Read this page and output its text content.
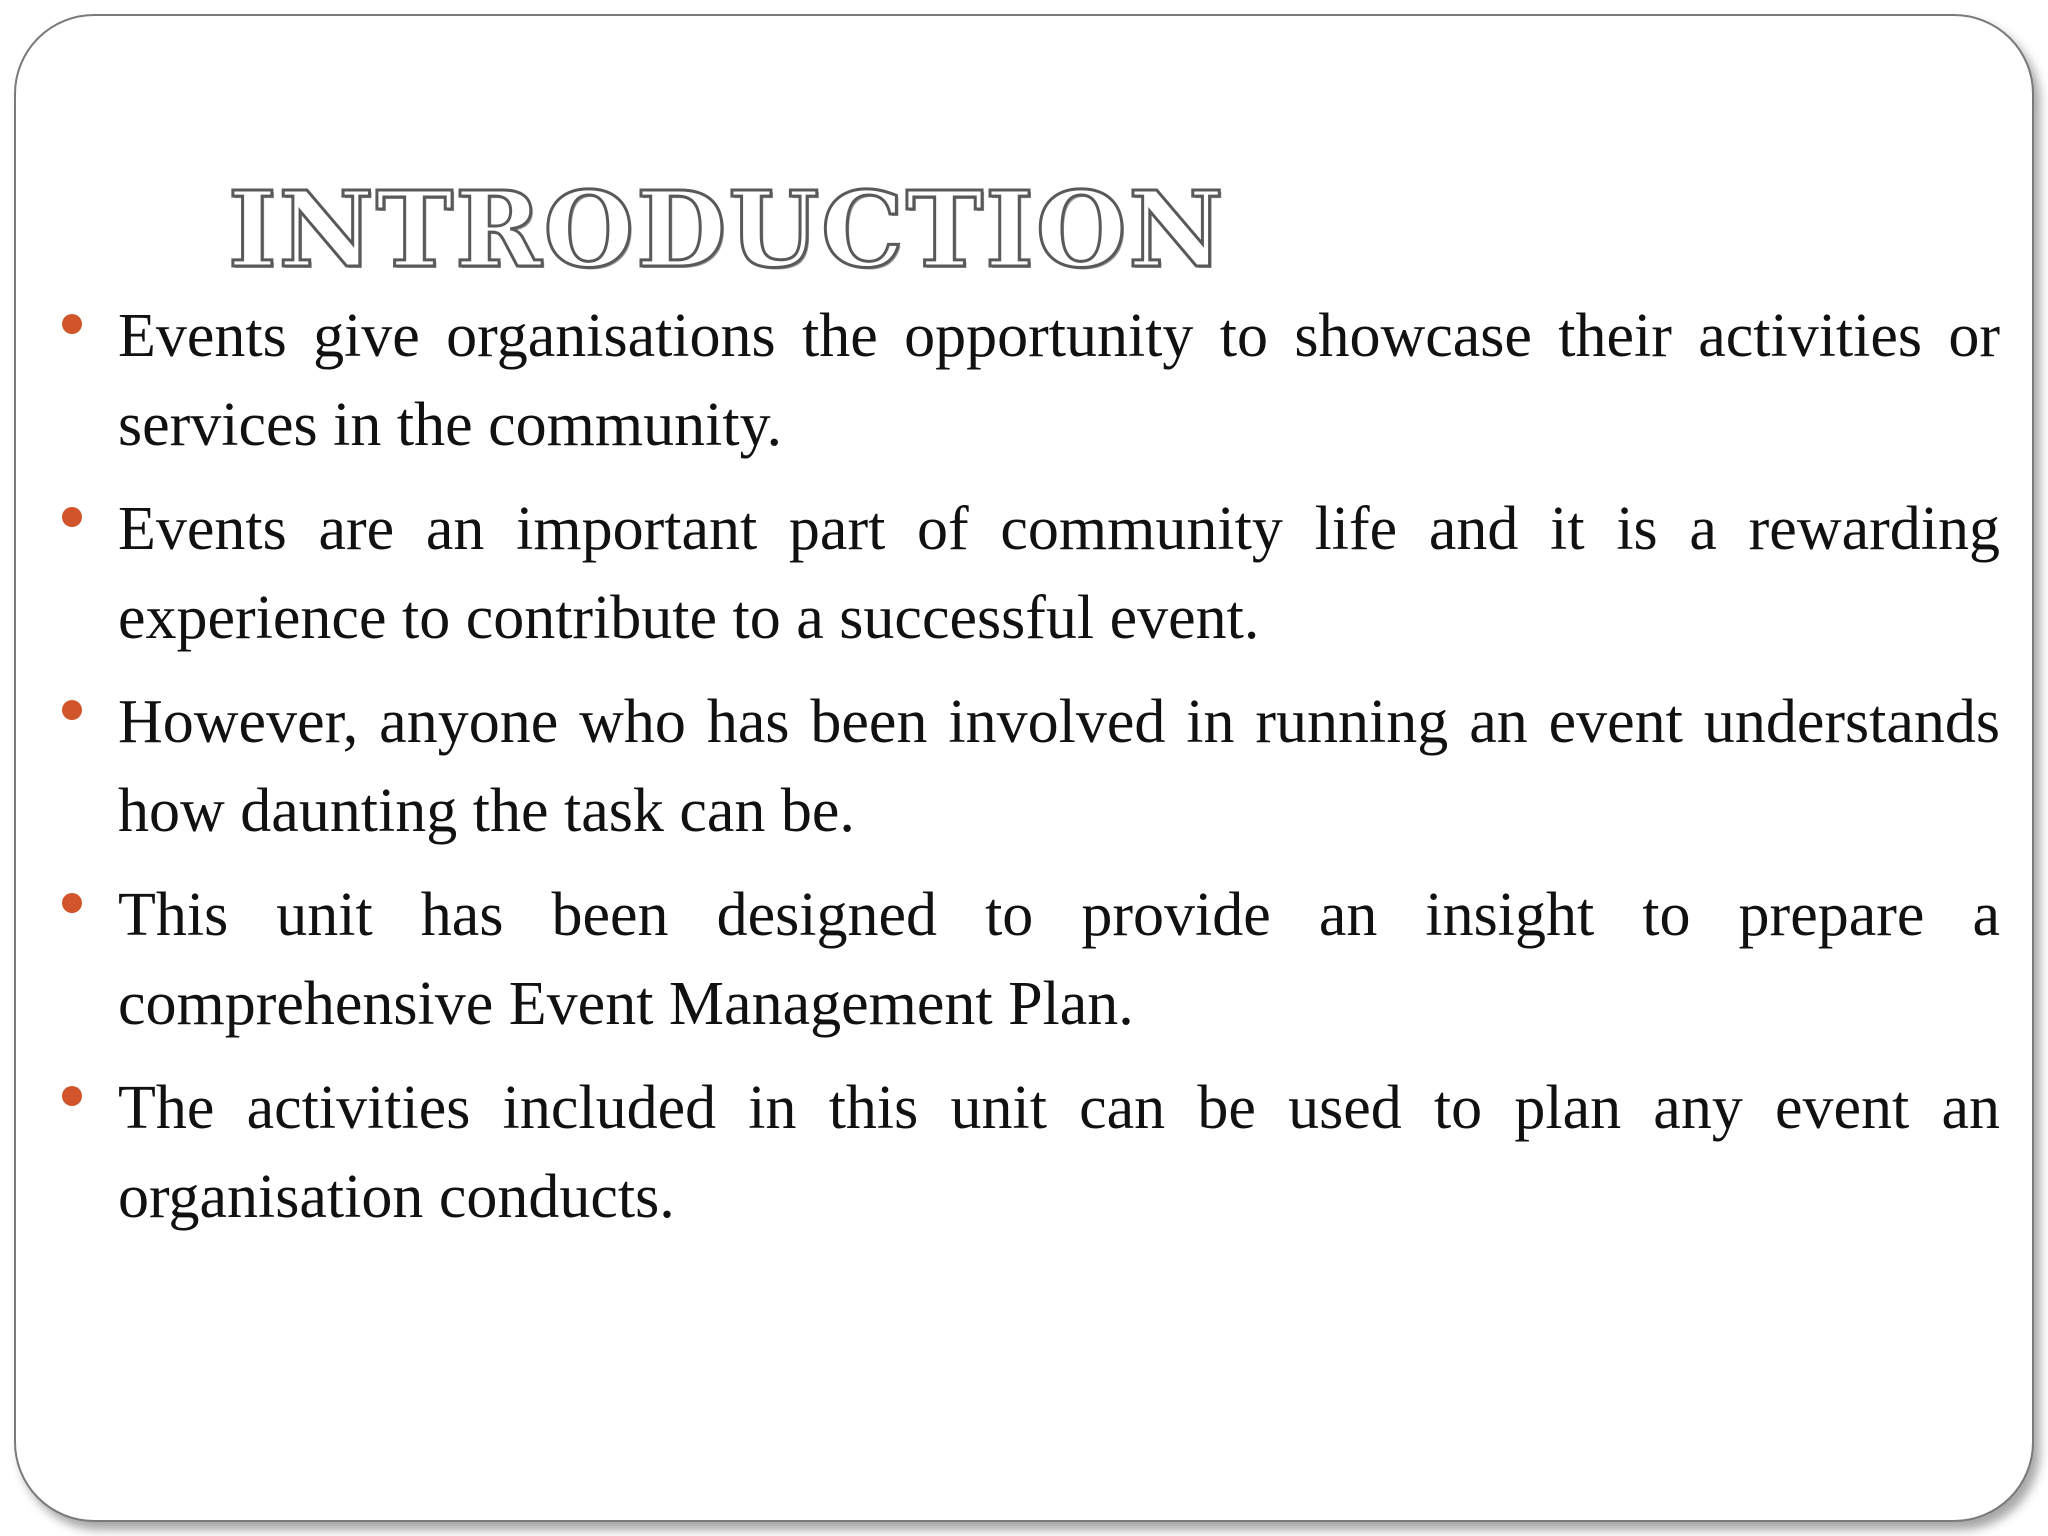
INTRODUCTION
Events give organisations the opportunity to showcase their activities or services in the community.
Events are an important part of community life and it is a rewarding experience to contribute to a successful event.
However, anyone who has been involved in running an event understands how daunting the task can be.
This unit has been designed to provide an insight to prepare a comprehensive Event Management Plan.
The activities included in this unit can be used to plan any event an organisation conducts.
